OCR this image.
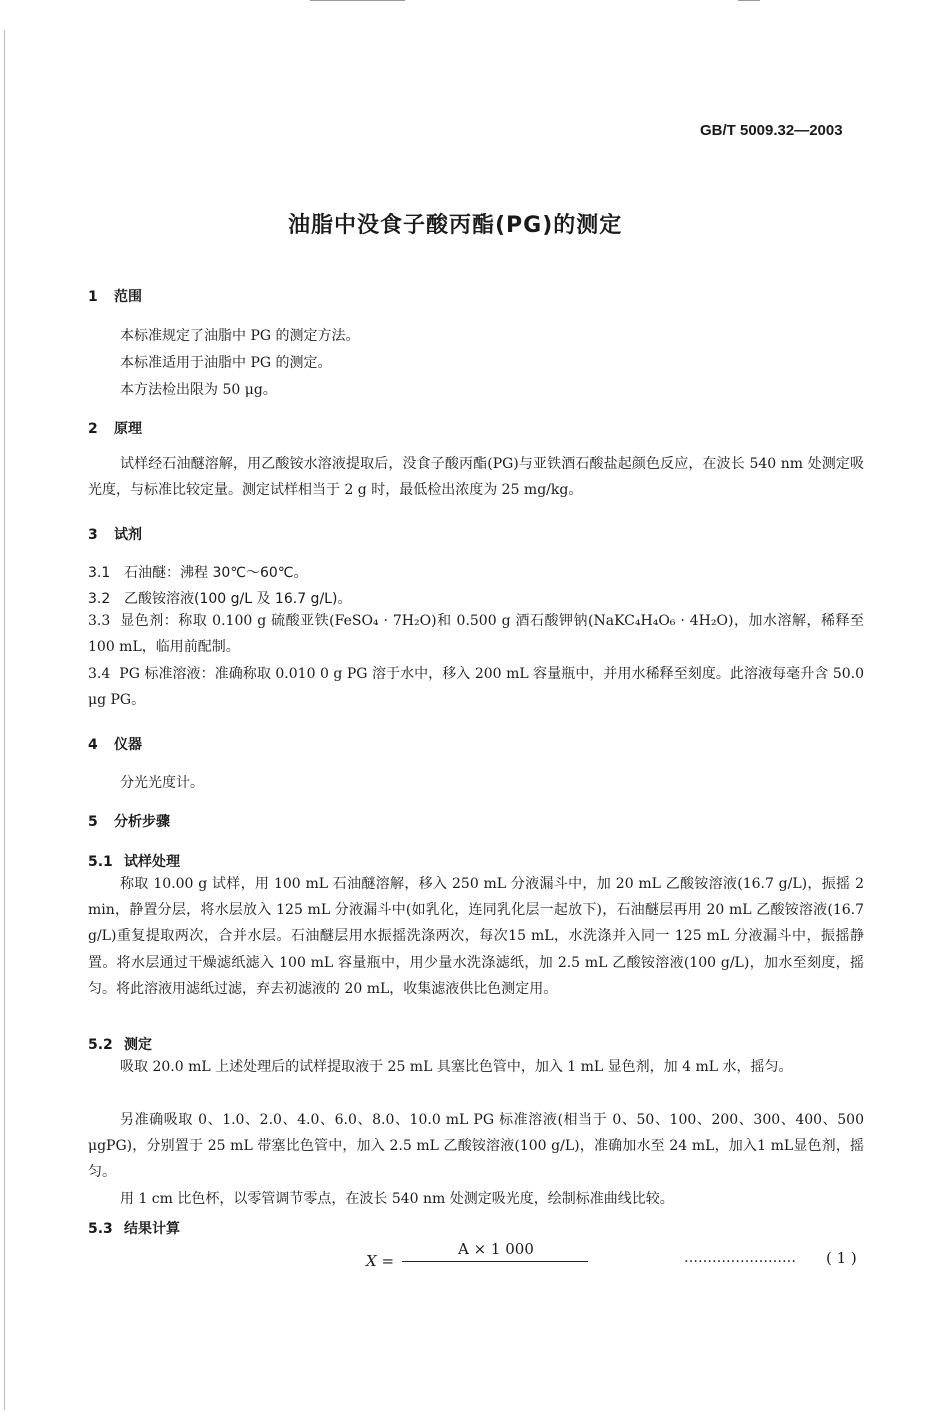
GB/T 5009.32—2003
油脂中没食子酸丙酯(PG)的测定
1 范围
本标准规定了油脂中 PG 的测定方法。
本标准适用于油脂中 PG 的测定。
本方法检出限为 50 μg。
2 原理
试样经石油醚溶解，用乙酸铵水溶液提取后，没食子酸丙酯(PG)与亚铁酒石酸盐起颜色反应，在波长 540 nm 处测定吸光度，与标准比较定量。测定试样相当于 2 g 时，最低检出浓度为 25 mg/kg。
3 试剂
3.1 石油醚：沸程 30℃～60℃。
3.2 乙酸铵溶液(100 g/L 及 16.7 g/L)。
3.3 显色剂：称取 0.100 g 硫酸亚铁(FeSO₄ · 7H₂O)和 0.500 g 酒石酸钾钠(NaKC₄H₄O₆ · 4H₂O)，加水溶解，稀释至 100 mL，临用前配制。
3.4 PG 标准溶液：准确称取 0.010 0 g PG 溶于水中，移入 200 mL 容量瓶中，并用水稀释至刻度。此溶液每毫升含 50.0 μg PG。
4 仪器
分光光度计。
5 分析步骤
5.1 试样处理
称取 10.00 g 试样，用 100 mL 石油醚溶解，移入 250 mL 分液漏斗中，加 20 mL 乙酸铵溶液(16.7 g/L)，振摇 2 min，静置分层，将水层放入 125 mL 分液漏斗中(如乳化，连同乳化层一起放下)，石油醚层再用 20 mL 乙酸铵溶液(16.7 g/L)重复提取两次，合并水层。石油醚层用水振摇洗涤两次，每次15 mL，水洗涤并入同一 125 mL 分液漏斗中，振摇静置。将水层通过干燥滤纸滤入 100 mL 容量瓶中，用少量水洗涤滤纸，加 2.5 mL 乙酸铵溶液(100 g/L)，加水至刻度，摇匀。将此溶液用滤纸过滤，弃去初滤液的 20 mL，收集滤液供比色测定用。
5.2 测定
吸取 20.0 mL 上述处理后的试样提取液于 25 mL 具塞比色管中，加入 1 mL 显色剂，加 4 mL 水，摇匀。
另准确吸取 0、1.0、2.0、4.0、6.0、8.0、10.0 mL PG 标准溶液(相当于 0、50、100、200、300、400、500 μgPG)，分别置于 25 mL 带塞比色管中，加入 2.5 mL 乙酸铵溶液(100 g/L)，准确加水至 24 mL，加入1 mL显色剂，摇匀。
用 1 cm 比色杯，以零管调节零点，在波长 540 nm 处测定吸光度，绘制标准曲线比较。
5.3 结果计算
X =
A × 1 000	…………………… ( 1 )
